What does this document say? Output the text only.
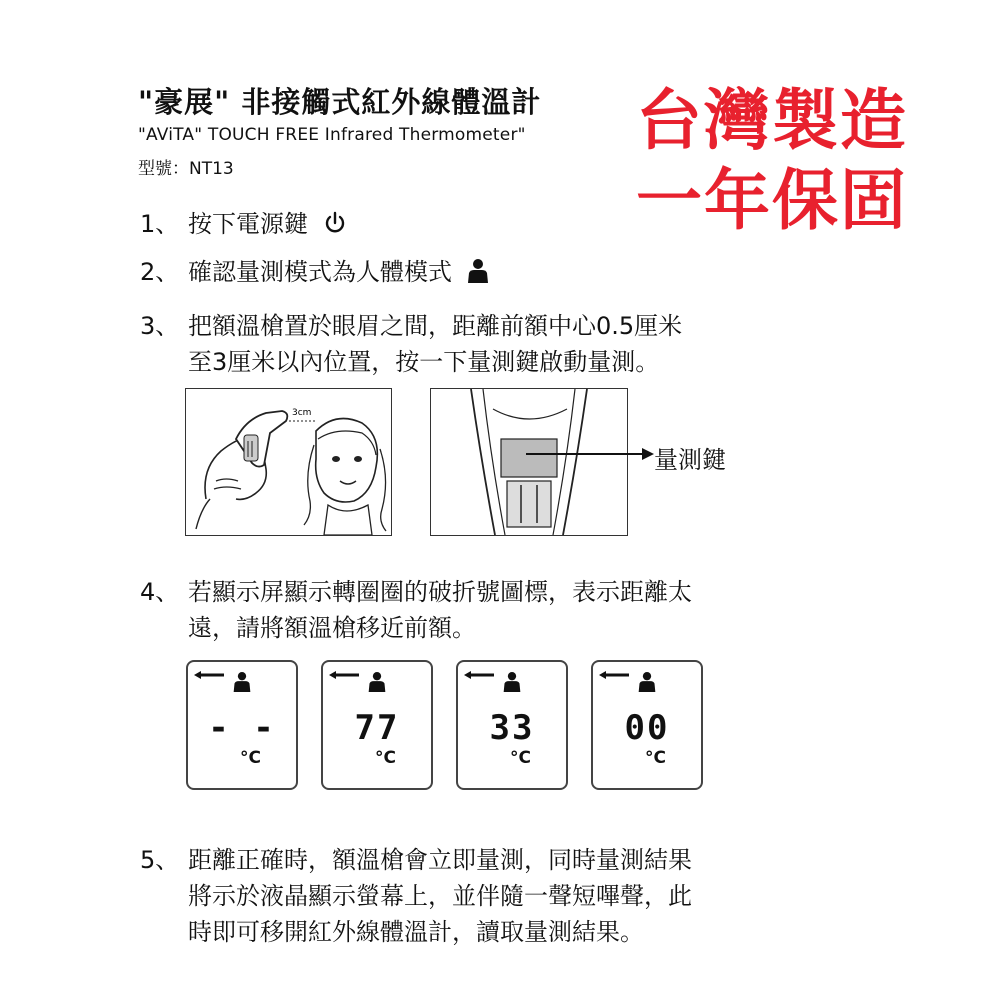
"豪展" 非接觸式紅外線體溫計
"AViTA" TOUCH FREE Infrared Thermometer"
型號：NT13
台灣製造
一年保固
1、 按下電源鍵
2、 確認量測模式為人體模式
3、 把額溫槍置於眼眉之間，距離前額中心0.5厘米
至3厘米以內位置，按一下量測鍵啟動量測。
3cm
量測鍵
4、 若顯示屏顯示轉圈圈的破折號圖標，表示距離太
遠，請將額溫槍移近前額。
- -
°C
77
°C
33
°C
00
°C
5、 距離正確時，額溫槍會立即量測，同時量測結果
將示於液晶顯示螢幕上，並伴隨一聲短嗶聲，此
時即可移開紅外線體溫計，讀取量測結果。
